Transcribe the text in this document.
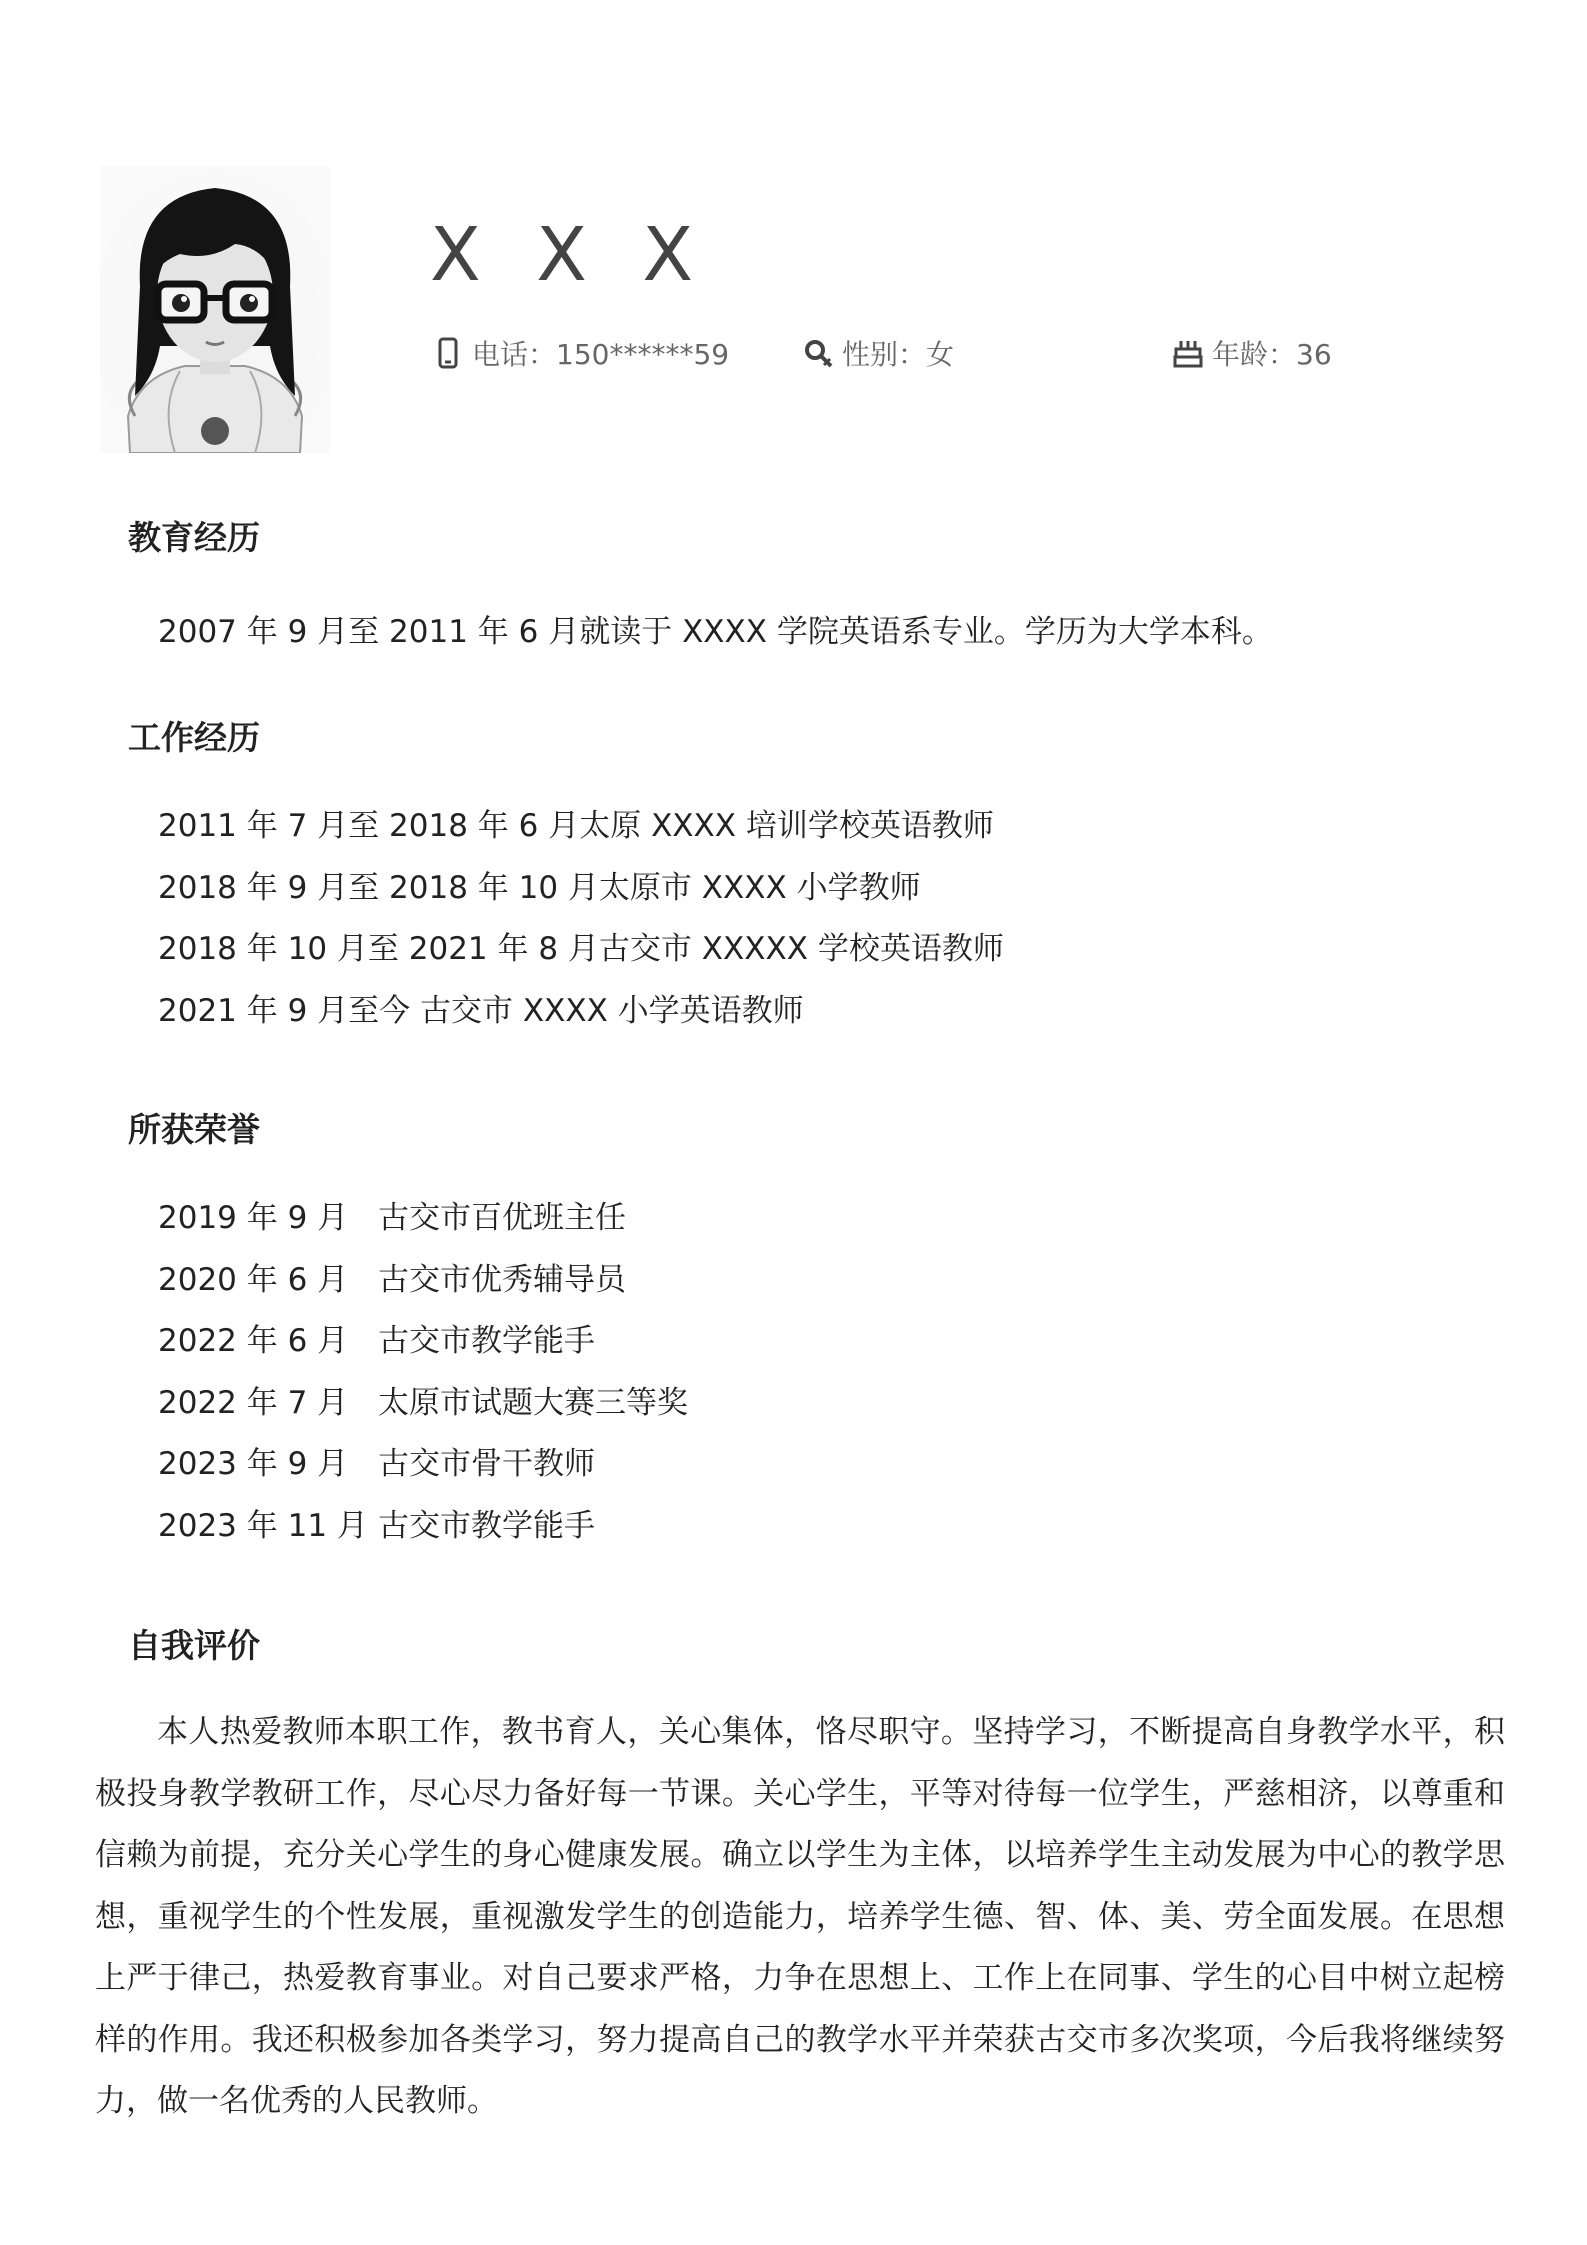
X X X
电话：150******59	性别：女	年龄：36
教育经历
2007 年 9 月至 2011 年 6 月就读于 XXXX 学院英语系专业。学历为大学本科。
工作经历
2011 年 7 月至 2018 年 6 月太原 XXXX 培训学校英语教师
2018 年 9 月至 2018 年 10 月太原市 XXXX 小学教师
2018 年 10 月至 2021 年 8 月古交市 XXXXX 学校英语教师
2021 年 9 月至今 古交市 XXXX 小学英语教师
所获荣誉
2019 年 9 月 古交市百优班主任
2020 年 6 月 古交市优秀辅导员
2022 年 6 月 古交市教学能手
2022 年 7 月 太原市试题大赛三等奖
2023 年 9 月 古交市骨干教师
2023 年 11 月 古交市教学能手
自我评价

本人热爱教师本职工作，教书育人，关心集体，恪尽职守。坚持学习，不断提高自身教学水平，积极投身教学教研工作，尽心尽力备好每一节课。关心学生，平等对待每一位学生，严慈相济，以尊重和信赖为前提，充分关心学生的身心健康发展。确立以学生为主体，以培养学生主动发展为中心的教学思想，重视学生的个性发展，重视激发学生的创造能力，培养学生德、智、体、美、劳全面发展。在思想上严于律己，热爱教育事业。对自己要求严格，力争在思想上、工作上在同事、学生的心目中树立起榜样的作用。我还积极参加各类学习，努力提高自己的教学水平并荣获古交市多次奖项，今后我将继续努力，做一名优秀的人民教师。
